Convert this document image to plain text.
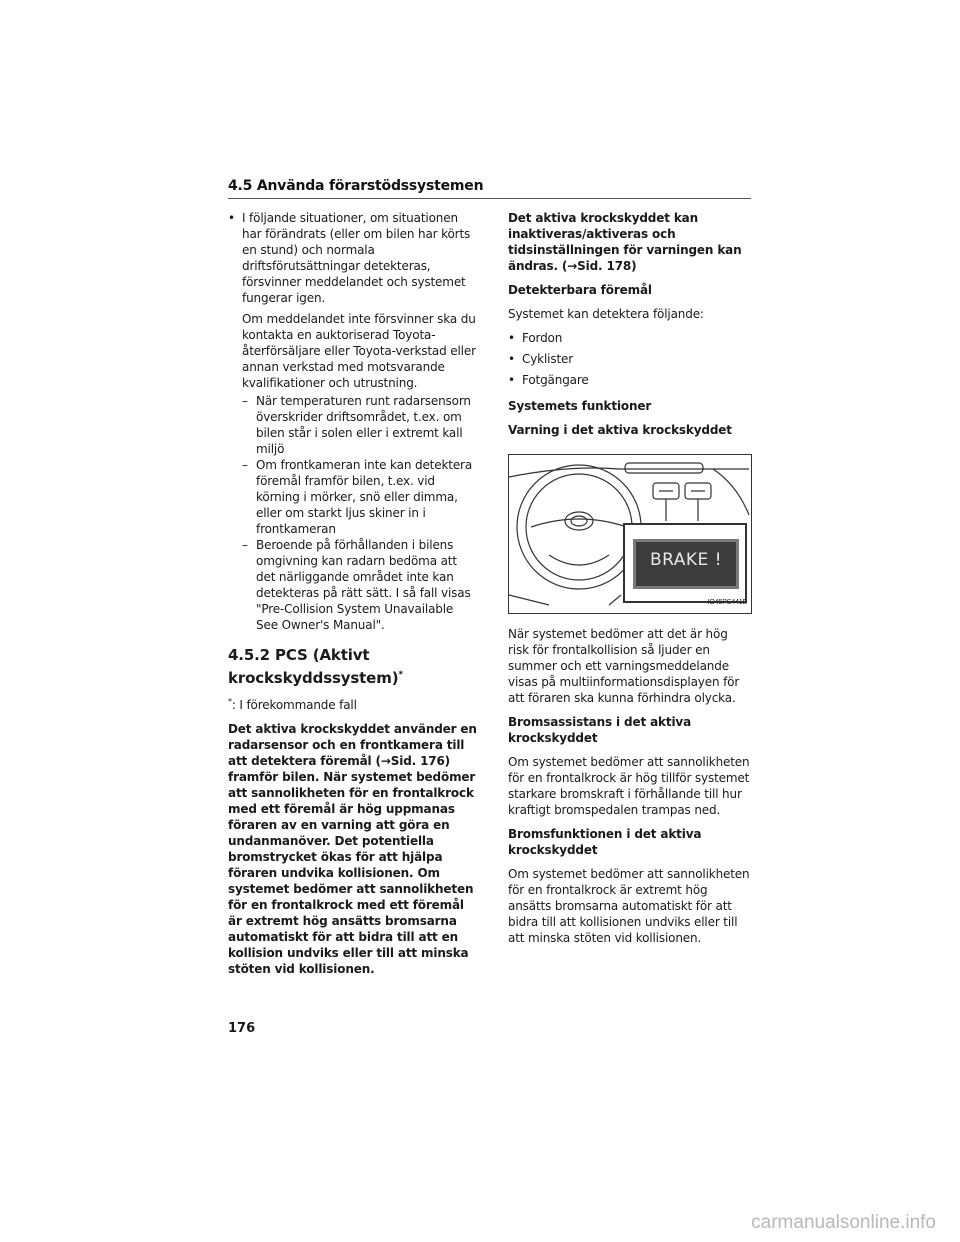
4.5 Använda förarstödssystemen
• I följande situationer, om situationen har förändrats (eller om bilen har körts en stund) och normala driftsförutsättningar detekteras, försvinner meddelandet och systemet fungerar igen.

Om meddelandet inte försvinner ska du kontakta en auktoriserad Toyota-återförsäljare eller Toyota-verkstad eller annan verkstad med motsvarande kvalifikationer och utrustning.

– När temperaturen runt radarsensorn överskrider driftsområdet, t.ex. om bilen står i solen eller i extremt kall miljö
– Om frontkameran inte kan detektera föremål framför bilen, t.ex. vid körning i mörker, snö eller dimma, eller om starkt ljus skiner in i frontkameran
– Beroende på förhållanden i bilens omgivning kan radarn bedöma att det närliggande området inte kan detekteras på rätt sätt. I så fall visas "Pre-Collision System Unavailable See Owner's Manual".
4.5.2 PCS (Aktivt krockskyddssystem)*

*: I förekommande fall

Det aktiva krockskyddet använder en radarsensor och en frontkamera till att detektera föremål (→Sid. 176) framför bilen. När systemet bedömer att sannolikheten för en frontalkrock med ett föremål är hög uppmanas föraren av en varning att göra en undanmanöver. Det potentiella bromstrycket ökas för att hjälpa föraren undvika kollisionen. Om systemet bedömer att sannolikheten för en frontalkrock med ett föremål är extremt hög ansätts bromsarna automatiskt för att bidra till att en kollision undviks eller till att minska stöten vid kollisionen.

Det aktiva krockskyddet kan inaktiveras/aktiveras och tidsinställningen för varningen kan ändras. (→Sid. 178)

Detekterbara föremål

Systemet kan detektera följande:

• Fordon
• Cyklister
• Fotgängare

Systemets funktioner

Varning i det aktiva krockskyddet

BRAKE !
IO45PS441E

När systemet bedömer att det är hög risk för frontalkollision så ljuder en summer och ett varningsmeddelande visas på multiinformationsdisplayen för att föraren ska kunna förhindra olycka.

Bromsassistans i det aktiva krockskyddet

Om systemet bedömer att sannolikheten för en frontalkrock är hög tillför systemet starkare bromskraft i förhållande till hur kraftigt bromspedalen trampas ned.

Bromsfunktionen i det aktiva krockskyddet

Om systemet bedömer att sannolikheten för en frontalkrock är extremt hög ansätts bromsarna automatiskt för att bidra till att kollisionen undviks eller till att minska stöten vid kollisionen.

176
carmanualsonline.info
